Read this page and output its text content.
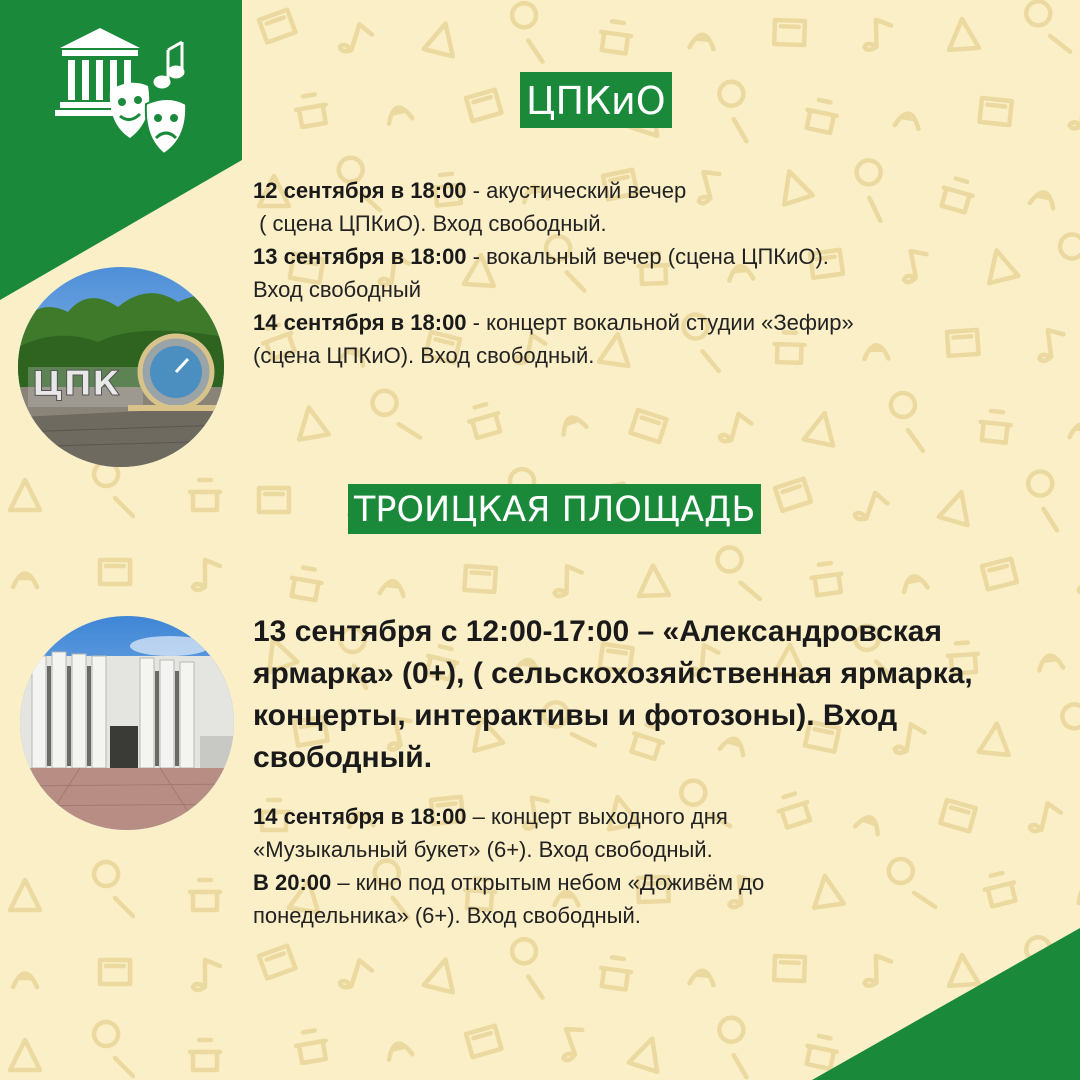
ЦПКиО
12 сентября в 18:00 - акустический вечер
( сцена ЦПКиО). Вход свободный.
13 сентября в 18:00 - вокальный вечер (сцена ЦПКиО).
Вход свободный
14 сентября в 18:00 - концерт вокальной студии «Зефир»
(сцена ЦПКиО). Вход свободный.
ЦПК
ТРОИЦКАЯ ПЛОЩАДЬ
13 сентября с 12:00-17:00 – «Александровская ярмарка» (0+), ( сельскохозяйственная ярмарка, концерты, интерактивы и фотозоны). Вход свободный.
14 сентября в 18:00 – концерт выходного дня
«Музыкальный букет» (6+). Вход свободный.
В 20:00 – кино под открытым небом «Доживём до
понедельника» (6+). Вход свободный.
